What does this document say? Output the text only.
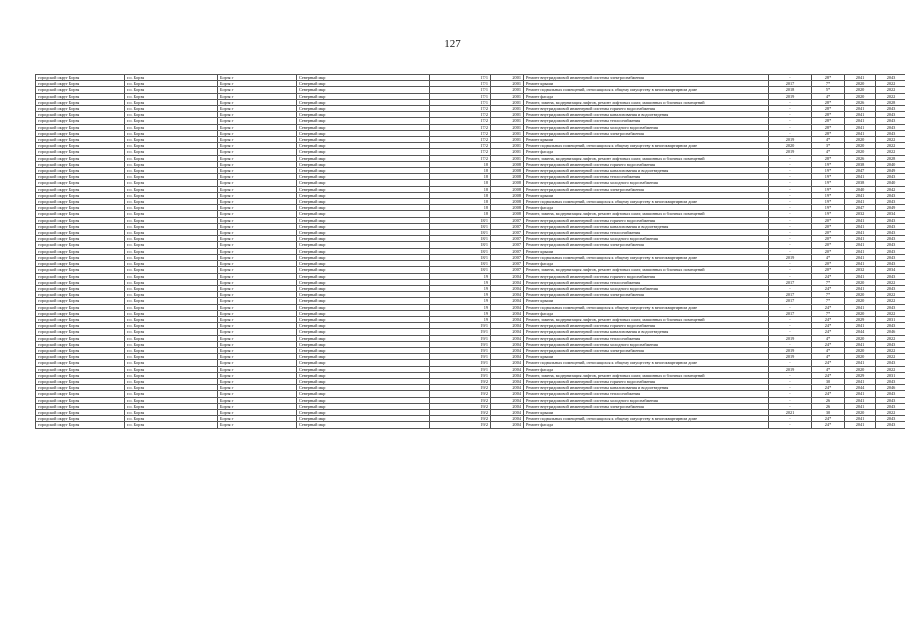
127
городской округ Борзя	г.о. Борзя	Борзя г	Северный мкр	17/1	2001	Ремонт внутридомовой инженерной системы электроснабжения	-	28*	2041	2043
городской округ Борзя	г.о. Борзя	Борзя г	Северный мкр	17/1	2001	Ремонт крыши	2017	7*	2020	2022
городской округ Борзя	г.о. Борзя	Борзя г	Северный мкр	17/1	2001	Ремонт подвальных помещений, относящихся к общему имуществу в многоквартирном доме	2018	5*	2020	2022
городской округ Борзя	г.о. Борзя	Борзя г	Северный мкр	17/1	2001	Ремонт фасада	2019	4*	2020	2022
городской округ Борзя	г.о. Борзя	Борзя г	Северный мкр	17/1	2001	Ремонт, замена, модернизация лифтов, ремонт лифтовых шахт, машинных и блочных помещений	-	28*	2026	2028
городской округ Борзя	г.о. Борзя	Борзя г	Северный мкр	17/2	2001	Ремонт внутридомовой инженерной системы горячего водоснабжения	-	28*	2041	2043
городской округ Борзя	г.о. Борзя	Борзя г	Северный мкр	17/2	2001	Ремонт внутридомовой инженерной системы канализования и водоотведения	-	28*	2041	2043
городской округ Борзя	г.о. Борзя	Борзя г	Северный мкр	17/2	2001	Ремонт внутридомовой инженерной системы теплоснабжения	-	28*	2041	2043
городской округ Борзя	г.о. Борзя	Борзя г	Северный мкр	17/2	2001	Ремонт внутридомовой инженерной системы холодного водоснабжения	-	28*	2041	2043
городской округ Борзя	г.о. Борзя	Борзя г	Северный мкр	17/2	2001	Ремонт внутридомовой инженерной системы электроснабжения	-	28*	2041	2043
городской округ Борзя	г.о. Борзя	Борзя г	Северный мкр	17/2	2001	Ремонт крыши	2019	4*	2020	2022
городской округ Борзя	г.о. Борзя	Борзя г	Северный мкр	17/2	2001	Ремонт подвальных помещений, относящихся к общему имуществу в многоквартирном доме	2020	3*	2020	2022
городской округ Борзя	г.о. Борзя	Борзя г	Северный мкр	17/2	2001	Ремонт фасада	2019	4*	2020	2022
городской округ Борзя	г.о. Борзя	Борзя г	Северный мкр	17/2	2001	Ремонт, замена, модернизация лифтов, ремонт лифтовых шахт, машинных и блочных помещений	-	28*	2026	2028
городской округ Борзя	г.о. Борзя	Борзя г	Северный мкр	18	2008	Ремонт внутридомовой инженерной системы горячего водоснабжения	-	19*	2038	2040
городской округ Борзя	г.о. Борзя	Борзя г	Северный мкр	18	2008	Ремонт внутридомовой инженерной системы канализования и водоотведения	-	19*	2047	2049
городской округ Борзя	г.о. Борзя	Борзя г	Северный мкр	18	2008	Ремонт внутридомовой инженерной системы теплоснабжения	-	19*	2041	2043
городской округ Борзя	г.о. Борзя	Борзя г	Северный мкр	18	2008	Ремонт внутридомовой инженерной системы холодного водоснабжения	-	19*	2038	2040
городской округ Борзя	г.о. Борзя	Борзя г	Северный мкр	18	2008	Ремонт внутридомовой инженерной системы электроснабжения	-	19*	2040	2042
городской округ Борзя	г.о. Борзя	Борзя г	Северный мкр	18	2008	Ремонт крыши	-	19*	2041	2043
городской округ Борзя	г.о. Борзя	Борзя г	Северный мкр	18	2008	Ремонт подвальных помещений, относящихся к общему имуществу в многоквартирном доме	-	19*	2041	2043
городской округ Борзя	г.о. Борзя	Борзя г	Северный мкр	18	2008	Ремонт фасада	-	19*	2047	2049
городской округ Борзя	г.о. Борзя	Борзя г	Северный мкр	18	2008	Ремонт, замена, модернизация лифтов, ремонт лифтовых шахт, машинных и блочных помещений	-	19*	2032	2034
городской округ Борзя	г.о. Борзя	Борзя г	Северный мкр	18/1	2007	Ремонт внутридомовой инженерной системы горячего водоснабжения	-	20*	2041	2043
городской округ Борзя	г.о. Борзя	Борзя г	Северный мкр	18/1	2007	Ремонт внутридомовой инженерной системы канализования и водоотведения	-	20*	2041	2043
городской округ Борзя	г.о. Борзя	Борзя г	Северный мкр	18/1	2007	Ремонт внутридомовой инженерной системы теплоснабжения	-	20*	2041	2043
городской округ Борзя	г.о. Борзя	Борзя г	Северный мкр	18/1	2007	Ремонт внутридомовой инженерной системы холодного водоснабжения	-	20*	2041	2043
городской округ Борзя	г.о. Борзя	Борзя г	Северный мкр	18/1	2007	Ремонт внутридомовой инженерной системы электроснабжения	-	20*	2041	2043
городской округ Борзя	г.о. Борзя	Борзя г	Северный мкр	18/1	2007	Ремонт крыши	-	20*	2041	2043
городской округ Борзя	г.о. Борзя	Борзя г	Северный мкр	18/1	2007	Ремонт подвальных помещений, относящихся к общему имуществу в многоквартирном доме	2019	4*	2041	2043
городской округ Борзя	г.о. Борзя	Борзя г	Северный мкр	18/1	2007	Ремонт фасада	-	20*	2041	2043
городской округ Борзя	г.о. Борзя	Борзя г	Северный мкр	18/1	2007	Ремонт, замена, модернизация лифтов, ремонт лифтовых шахт, машинных и блочных помещений	-	20*	2032	2034
городской округ Борзя	г.о. Борзя	Борзя г	Северный мкр	19	2004	Ремонт внутридомовой инженерной системы горячего водоснабжения	-	24*	2041	2043
городской округ Борзя	г.о. Борзя	Борзя г	Северный мкр	19	2004	Ремонт внутридомовой инженерной системы теплоснабжения	2017	7*	2020	2022
городской округ Борзя	г.о. Борзя	Борзя г	Северный мкр	19	2004	Ремонт внутридомовой инженерной системы холодного водоснабжения	-	24*	2041	2043
городской округ Борзя	г.о. Борзя	Борзя г	Северный мкр	19	2004	Ремонт внутридомовой инженерной системы электроснабжения	2017	7*	2020	2022
городской округ Борзя	г.о. Борзя	Борзя г	Северный мкр	19	2004	Ремонт крыши	2017	7*	2020	2022
городской округ Борзя	г.о. Борзя	Борзя г	Северный мкр	19	2004	Ремонт подвальных помещений, относящихся к общему имуществу в многоквартирном доме	-	24*	2041	2043
городской округ Борзя	г.о. Борзя	Борзя г	Северный мкр	19	2004	Ремонт фасада	2017	7*	2020	2022
городской округ Борзя	г.о. Борзя	Борзя г	Северный мкр	19	2004	Ремонт, замена, модернизация лифтов, ремонт лифтовых шахт, машинных и блочных помещений	-	24*	2029	2031
городской округ Борзя	г.о. Борзя	Борзя г	Северный мкр	19/1	2004	Ремонт внутридомовой инженерной системы горячего водоснабжения	-	24*	2041	2043
городской округ Борзя	г.о. Борзя	Борзя г	Северный мкр	19/1	2004	Ремонт внутридомовой инженерной системы канализования и водоотведения	-	24*	2044	2046
городской округ Борзя	г.о. Борзя	Борзя г	Северный мкр	19/1	2004	Ремонт внутридомовой инженерной системы теплоснабжения	2019	4*	2020	2022
городской округ Борзя	г.о. Борзя	Борзя г	Северный мкр	19/1	2004	Ремонт внутридомовой инженерной системы холодного водоснабжения	-	24*	2041	2043
городской округ Борзя	г.о. Борзя	Борзя г	Северный мкр	19/1	2004	Ремонт внутридомовой инженерной системы электроснабжения	2019	4*	2020	2022
городской округ Борзя	г.о. Борзя	Борзя г	Северный мкр	19/1	2004	Ремонт крыши	2019	4*	2020	2022
городской округ Борзя	г.о. Борзя	Борзя г	Северный мкр	19/1	2004	Ремонт подвальных помещений, относящихся к общему имуществу в многоквартирном доме	-	24*	2041	2043
городской округ Борзя	г.о. Борзя	Борзя г	Северный мкр	19/1	2004	Ремонт фасада	2019	4*	2020	2022
городской округ Борзя	г.о. Борзя	Борзя г	Северный мкр	19/1	2004	Ремонт, замена, модернизация лифтов, ремонт лифтовых шахт, машинных и блочных помещений	-	24*	2029	2031
городской округ Борзя	г.о. Борзя	Борзя г	Северный мкр	19/2	2004	Ремонт внутридомовой инженерной системы горячего водоснабжения	-	30	2041	2043
городской округ Борзя	г.о. Борзя	Борзя г	Северный мкр	19/2	2004	Ремонт внутридомовой инженерной системы канализования и водоотведения	-	24*	2044	2046
городской округ Борзя	г.о. Борзя	Борзя г	Северный мкр	19/2	2004	Ремонт внутридомовой инженерной системы теплоснабжения	-	24*	2041	2043
городской округ Борзя	г.о. Борзя	Борзя г	Северный мкр	19/2	2004	Ремонт внутридомовой инженерной системы холодного водоснабжения	-	26	2041	2043
городской округ Борзя	г.о. Борзя	Борзя г	Северный мкр	19/2	2004	Ремонт внутридомовой инженерной системы электроснабжения	-	26	2041	2043
городской округ Борзя	г.о. Борзя	Борзя г	Северный мкр	19/2	2004	Ремонт крыши	2021	30	2020	2022
городской округ Борзя	г.о. Борзя	Борзя г	Северный мкр	19/2	2004	Ремонт подвальных помещений, относящихся к общему имуществу в многоквартирном доме	-	24*	2041	2043
городской округ Борзя	г.о. Борзя	Борзя г	Северный мкр	19/2	2004	Ремонт фасада	-	24*	2041	2043
